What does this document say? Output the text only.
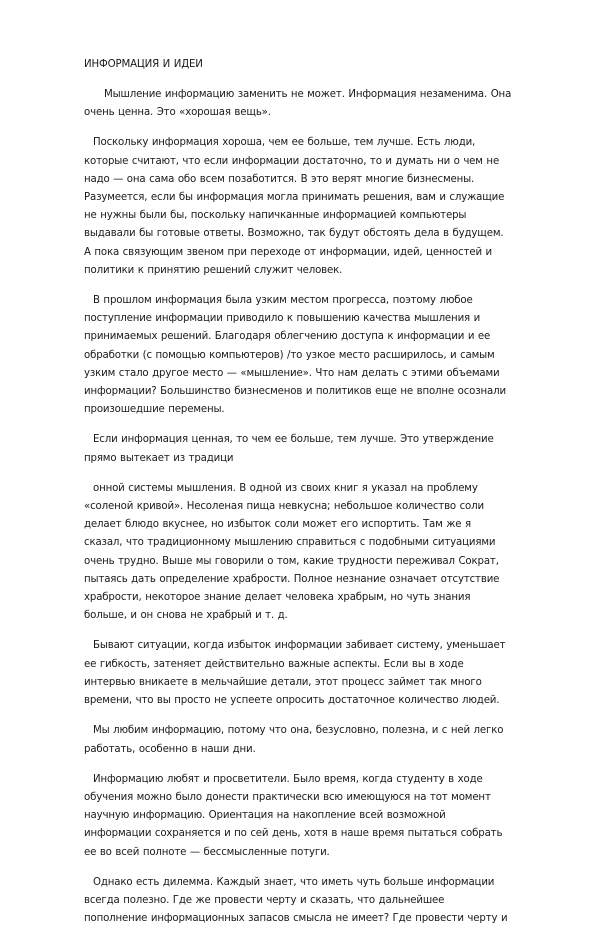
ИНФОРМАЦИЯ И ИДЕИ
Мышление информацию заменить не может. Информация незаменима. Она
очень ценна. Это «хорошая вещь».
Поскольку информация хороша, чем ее больше, тем лучше. Есть люди,
которые считают, что если информации достаточно, то и думать ни о чем не
надо — она сама обо всем позаботится. В это верят многие бизнесмены.
Разумеется, если бы информация могла принимать решения, вам и служащие
не нужны были бы, поскольку напичканные информацией компьютеры
выдавали бы готовые ответы. Возможно, так будут обстоять дела в будущем.
А пока связующим звеном при переходе от информации, идей, ценностей и
политики к принятию решений служит человек.
В прошлом информация была узким местом прогресса, поэтому любое
поступление информации приводило к повышению качества мышления и
принимаемых решений. Благодаря облегчению доступа к информации и ее
обработки (с помощью компьютеров) /то узкое место расширилось, и самым
узким стало другое место — «мышление». Что нам делать с этими объемами
информации? Большинство бизнесменов и политиков еще не вполне осознали
произошедшие перемены.
Если информация ценная, то чем ее больше, тем лучше. Это утверждение
прямо вытекает из традици
онной системы мышления. В одной из своих книг я указал на проблему
«соленой кривой». Несоленая пища невкусна; небольшое количество соли
делает блюдо вкуснее, но избыток соли может его испортить. Там же я
сказал, что традиционному мышлению справиться с подобными ситуациями
очень трудно. Выше мы говорили о том, какие трудности переживал Сократ,
пытаясь дать определение храбрости. Полное незнание означает отсутствие
храбрости, некоторое знание делает человека храбрым, но чуть знания
больше, и он снова не храбрый и т. д.
Бывают ситуации, когда избыток информации забивает систему, уменьшает
ее гибкость, затеняет действительно важные аспекты. Если вы в ходе
интервью вникаете в мельчайшие детали, этот процесс займет так много
времени, что вы просто не успеете опросить достаточное количество людей.
Мы любим информацию, потому что она, безусловно, полезна, и с ней легко
работать, особенно в наши дни.
Информацию любят и просветители. Было время, когда студенту в ходе
обучения можно было донести практически всю имеющуюся на тот момент
научную информацию. Ориентация на накопление всей возможной
информации сохраняется и по сей день, хотя в наше время пытаться собрать
ее во всей полноте — бессмысленные потуги.
Однако есть дилемма. Каждый знает, что иметь чуть больше информации
всегда полезно. Где же провести черту и сказать, что дальнейшее
пополнение информационных запасов смысла не имеет? Где провести черту и
